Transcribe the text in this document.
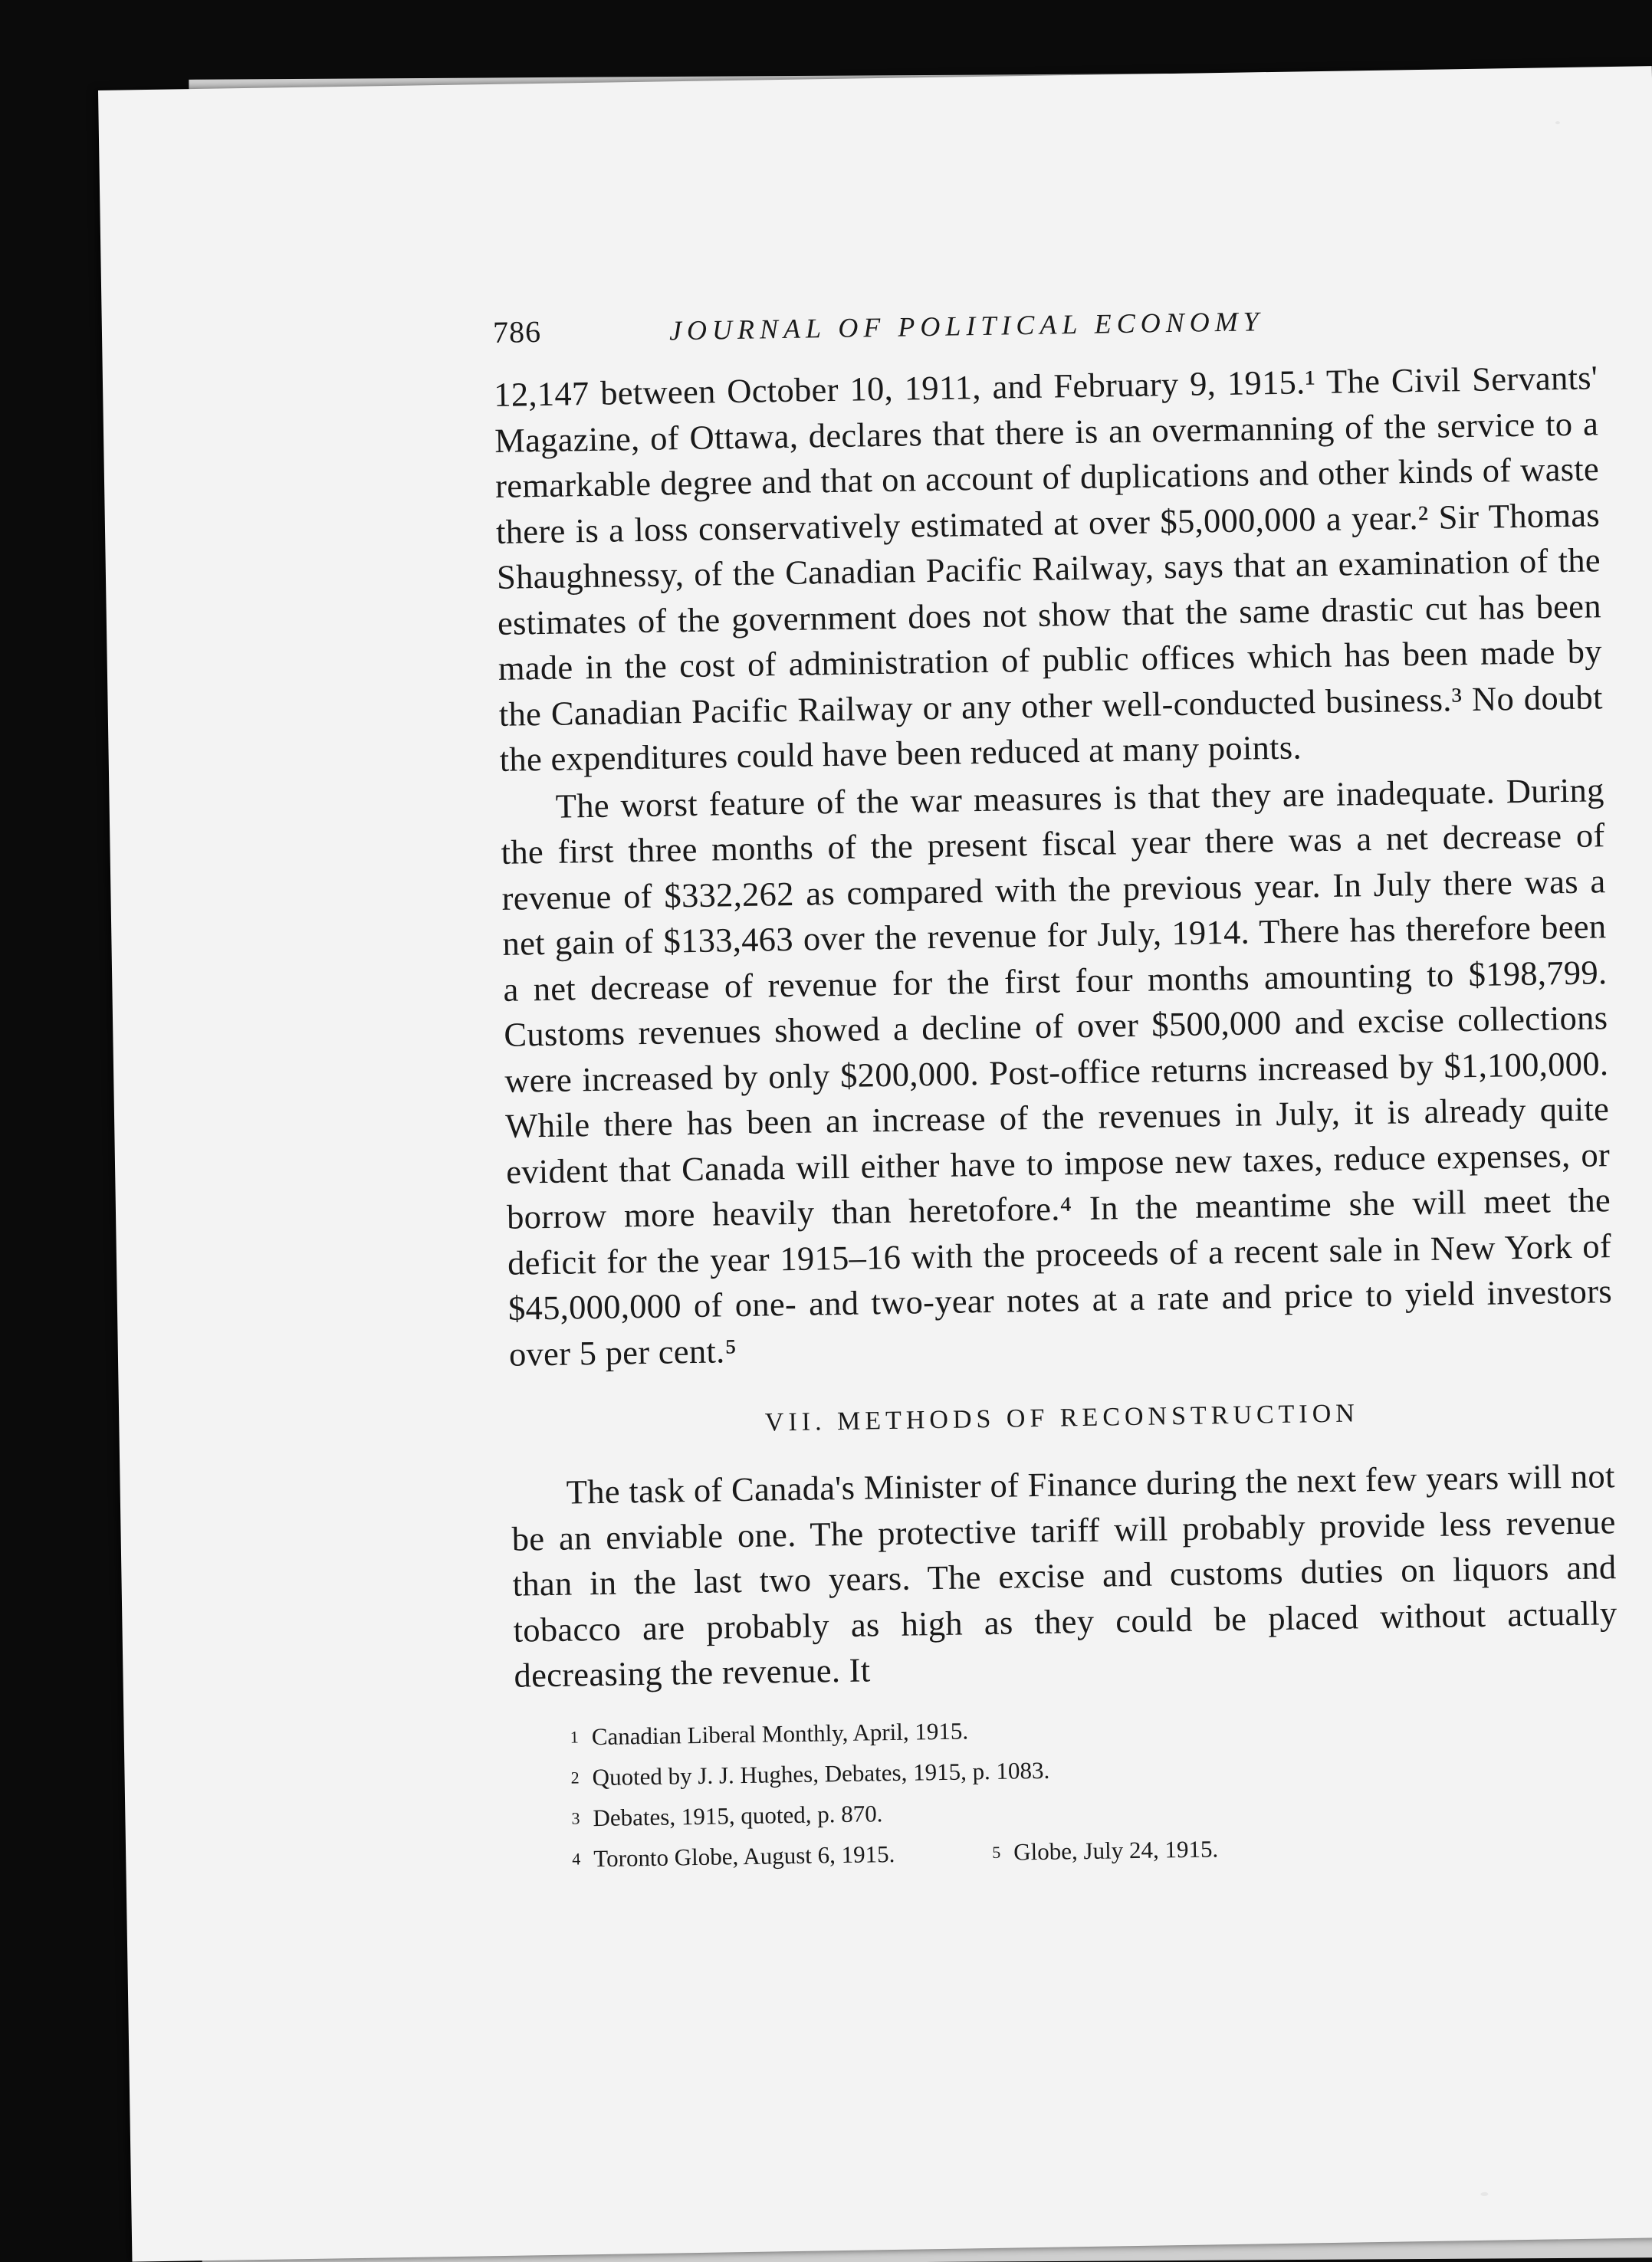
786	JOURNAL OF POLITICAL ECONOMY

12,147 between October 10, 1911, and February 9, 1915.¹ The Civil Servants' Magazine, of Ottawa, declares that there is an overmanning of the service to a remarkable degree and that on account of duplications and other kinds of waste there is a loss conservatively estimated at over $5,000,000 a year.² Sir Thomas Shaughnessy, of the Canadian Pacific Railway, says that an examination of the estimates of the government does not show that the same drastic cut has been made in the cost of administration of public offices which has been made by the Canadian Pacific Railway or any other well-conducted business.³ No doubt the expenditures could have been reduced at many points.

The worst feature of the war measures is that they are inadequate. During the first three months of the present fiscal year there was a net decrease of revenue of $332,262 as compared with the previous year. In July there was a net gain of $133,463 over the revenue for July, 1914. There has therefore been a net decrease of revenue for the first four months amounting to $198,799. Customs revenues showed a decline of over $500,000 and excise collections were increased by only $200,000. Post-office returns increased by $1,100,000. While there has been an increase of the revenues in July, it is already quite evident that Canada will either have to impose new taxes, reduce expenses, or borrow more heavily than heretofore.⁴ In the meantime she will meet the deficit for the year 1915–16 with the proceeds of a recent sale in New York of $45,000,000 of one- and two-year notes at a rate and price to yield investors over 5 per cent.⁵

VII. METHODS OF RECONSTRUCTION

The task of Canada's Minister of Finance during the next few years will not be an enviable one. The protective tariff will probably provide less revenue than in the last two years. The excise and customs duties on liquors and tobacco are probably as high as they could be placed without actually decreasing the revenue. It

1 Canadian Liberal Monthly, April, 1915.
2 Quoted by J. J. Hughes, Debates, 1915, p. 1083.
3 Debates, 1915, quoted, p. 870.
4 Toronto Globe, August 6, 1915.	5 Globe, July 24, 1915.
